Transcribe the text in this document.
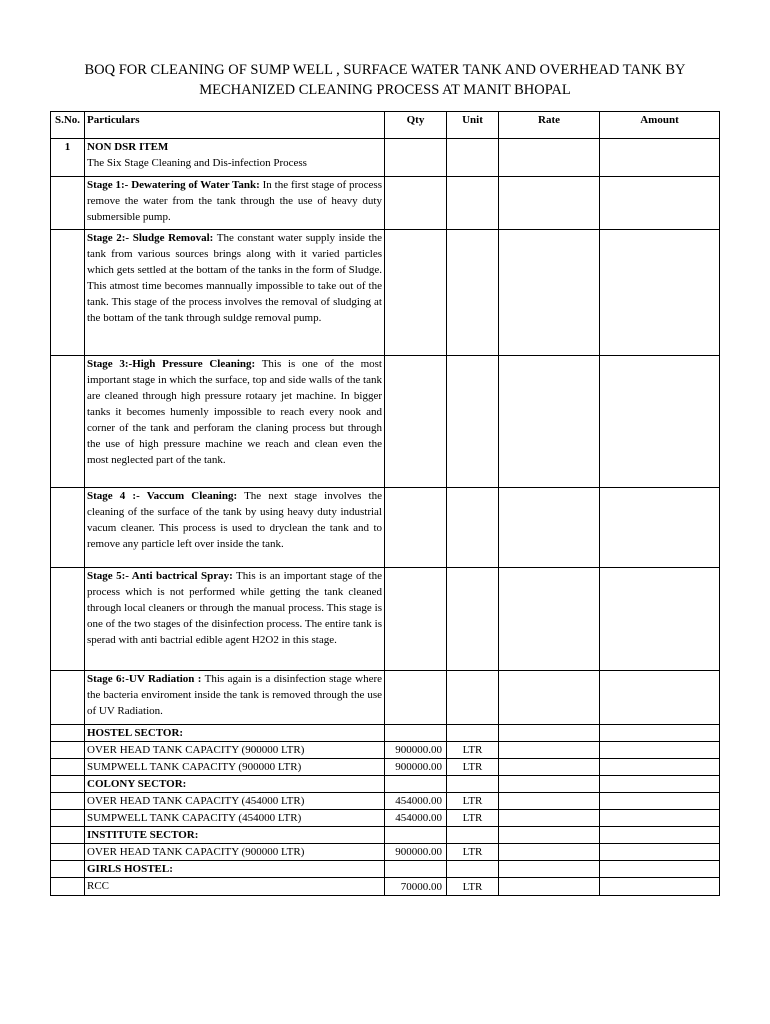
BOQ FOR CLEANING OF SUMP WELL , SURFACE WATER TANK AND OVERHEAD TANK BY
MECHANIZED CLEANING PROCESS AT MANIT BHOPAL
S.No.	Particulars	Qty	Unit	Rate	Amount
1	NON DSR ITEM
The Six Stage Cleaning and Dis-infection Process				

	Stage 1:- Dewatering of Water Tank: In the first stage of process remove the water from the tank through the use of heavy duty submersible pump.				
	Stage 2:- Sludge Removal: The constant water supply inside the tank from various sources brings along with it varied particles which gets settled at the bottam of the tanks in the form of Sludge. This atmost time becomes mannually impossible to take out of the tank. This stage of the process involves the removal of sludging at the bottam of the tank through suldge removal pump.				
	Stage 3:-High Pressure Cleaning: This is one of the most important stage in which the surface, top and side walls of the tank are cleaned through high pressure rotaary jet machine. In bigger tanks it becomes humenly impossible to reach every nook and corner of the tank and perforam the claning process but through the use of high pressure machine we reach and clean even the most neglected part of the tank.				
	Stage 4 :- Vaccum Cleaning: The next stage involves the cleaning of the surface of the tank by using heavy duty industrial vacum cleaner. This process is used to dryclean the tank and to remove any particle left over inside the tank.				
	Stage 5:- Anti bactrical Spray: This is an important stage of the process which is not performed while getting the tank cleaned through local cleaners or through the manual process. This stage is one of the two stages of the disinfection process. The entire tank is sperad with anti bactrial edible agent H2O2 in this stage.				
	Stage 6:-UV Radiation : This again is a disinfection stage where the bacteria enviroment inside the tank is removed through the use of UV Radiation.				
	HOSTEL SECTOR:				
	OVER HEAD TANK CAPACITY (900000 LTR)	900000.00	LTR		
	SUMPWELL TANK CAPACITY (900000 LTR)	900000.00	LTR		
	COLONY SECTOR:				
	OVER HEAD TANK CAPACITY (454000 LTR)	454000.00	LTR		
	SUMPWELL TANK CAPACITY (454000 LTR)	454000.00	LTR		
	INSTITUTE SECTOR:				
	OVER HEAD TANK CAPACITY (900000 LTR)	900000.00	LTR		
	GIRLS HOSTEL:				
	RCC	70000.00	LTR		
